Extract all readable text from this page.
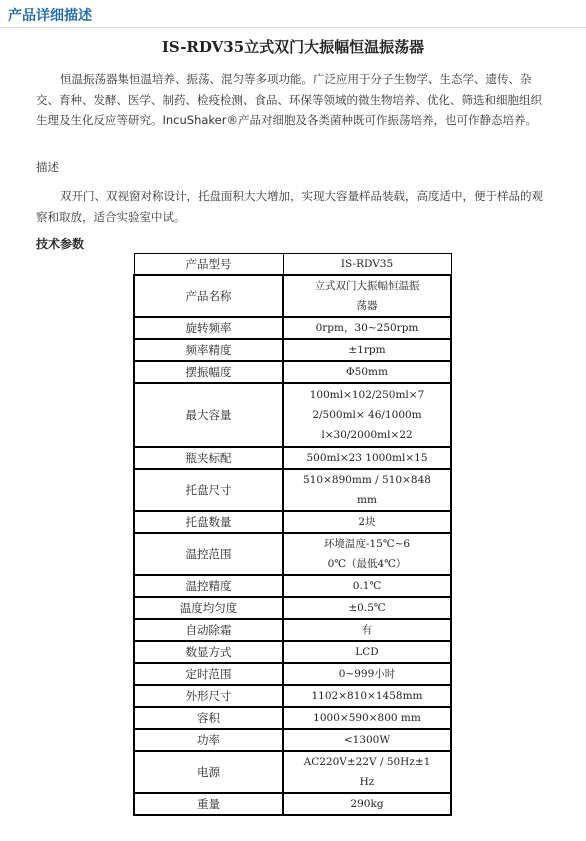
产品详细描述
IS-RDV35立式双门大振幅恒温振荡器
恒温振荡器集恒温培养、振荡、混匀等多项功能。广泛应用于分子生物学、生态学、遗传、杂交、育种、发酵、医学、制药、检疫检测、食品、环保等领域的微生物培养、优化、筛选和细胞组织生理及生化反应等研究。IncuShaker®产品对细胞及各类菌种既可作振荡培养，也可作静态培养。
描述
双开门、双视窗对称设计，托盘面积大大增加，实现大容量样品装载，高度适中，便于样品的观察和取放，适合实验室中试。
技术参数
产品型号	IS-RDV35
产品名称	立式双门大振幅恒温振
荡器

旋转频率	0rpm，30~250rpm

频率精度	±1rpm

摆振幅度	Φ50mm

最大容量	100ml×102/250ml×7
2/500ml× 46/1000m
l×30/2000ml×22

瓶夹标配	500ml×23 1000ml×15

托盘尺寸	510×890mm / 510×848
mm

托盘数量	2块

温控范围	环境温度-15℃~6
0℃（最低4℃）

温控精度	0.1℃

温度均匀度	±0.5℃

自动除霜	有

数显方式	LCD

定时范围	0~999小时

外形尺寸	1102×810×1458mm

容积	1000×590×800 mm

功率	<1300W

电源	AC220V±22V / 50Hz±1
Hz

重量	290kg
